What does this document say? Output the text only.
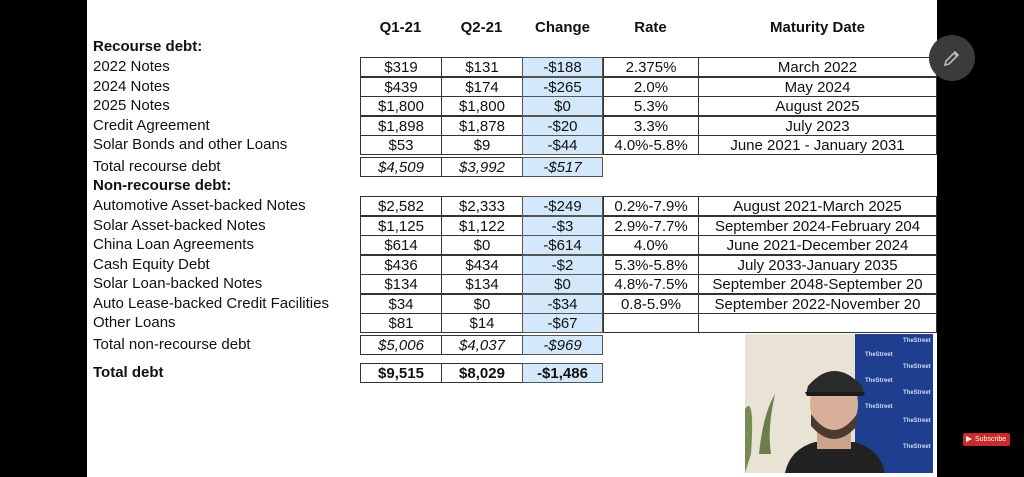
Q1-21	Q2-21	Change	Rate	Maturity Date
Recourse debt:
2022 Notes	$319	$131	-$188	2.375%	March 2022
2024 Notes	$439	$174	-$265	2.0%	May 2024
2025 Notes	$1,800	$1,800	$0	5.3%	August 2025
Credit Agreement	$1,898	$1,878	-$20	3.3%	July 2023
Solar Bonds and other Loans	$53	$9	-$44	4.0%-5.8%	June 2021 - January 2031
Total recourse debt	$4,509	$3,992	-$517
Non-recourse debt:
Automotive Asset-backed Notes	$2,582	$2,333	-$249	0.2%-7.9%	August 2021-March 2025
Solar Asset-backed Notes	$1,125	$1,122	-$3	2.9%-7.7%	September 2024-February 204
China Loan Agreements	$614	$0	-$614	4.0%	June 2021-December 2024
Cash Equity Debt	$436	$434	-$2	5.3%-5.8%	July 2033-January 2035
Solar Loan-backed Notes	$134	$134	$0	4.8%-7.5%	September 2048-September 20
Auto Lease-backed Credit Facilities	$34	$0	-$34	0.8-5.9%	September 2022-November 20
Other Loans	$81	$14	-$67
Total non-recourse debt	$5,006	$4,037	-$969
Total debt	$9,515	$8,029	-$1,486
TheStreet
TheStreet
TheStreet
TheStreet
TheStreet
TheStreet
TheStreet
TheStreet
Subscribe
